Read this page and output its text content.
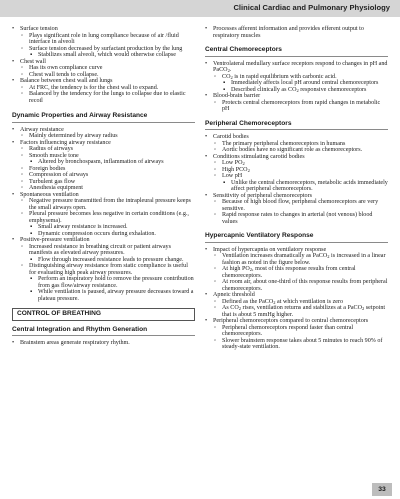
Clinical Cardiac and Pulmonary Physiology
• Surface tension
◦ Plays significant role in lung compliance because of air /fluid interface in alveoli
◦ Surface tension decreased by surfactant production by the lung
▪ Stabilizes small alveoli, which would otherwise collapse
• Chest wall
◦ Has its own compliance curve
◦ Chest wall tends to collapse.
• Balance between chest wall and lungs
◦ At FRC, the tendency is for the chest wall to expand.
◦ Balanced by the tendency for the lungs to collapse due to elastic recoil
Dynamic Properties and Airway Resistance
• Airway resistance
◦ Mainly determined by airway radius
• Factors influencing airway resistance
◦ Radius of airways
◦ Smooth muscle tone
▪ Altered by bronchospasm, inflammation of airways
◦ Foreign bodies
◦ Compression of airways
◦ Turbulent gas flow
◦ Anesthesia equipment
• Spontaneous ventilation
◦ Negative pressure transmitted from the intrapleural pressure keeps the small airways open.
◦ Pleural pressure becomes less negative in certain conditions (e.g., emphysema).
▪ Small airway resistance is increased.
▪ Dynamic compression occurs during exhalation.
• Positive-pressure ventilation
◦ Increased resistance in breathing circuit or patient airways manifests as elevated airway pressures.
▪ Flow through increased resistance leads to pressure change.
◦ Distinguishing airway resistance from static compliance is useful for evaluating high peak airway pressures.
▪ Perform an inspiratory hold to remove the pressure contribution from gas flow/airway resistance.
▪ While ventilation is paused, airway pressure decreases toward a plateau pressure.
CONTROL OF BREATHING
Central Integration and Rhythm Generation
• Brainstem areas generate respiratory rhythm.
• Processes afferent information and provides efferent output to respiratory muscles
Central Chemoreceptors
• Ventrolateral medullary surface receptors respond to changes in pH and PaCO$_2$.
◦ $CO_2$ is in rapid equilibrium with carbonic acid.
▪ Immediately affects local pH around central chemoreceptors
▪ Described clinically as $CO_2$ responsive chemoreceptors
• Blood-brain barrier
◦ Protects central chemoreceptors from rapid changes in metabolic pH
Peripheral Chemoreceptors
• Carotid bodies
◦ The primary peripheral chemoreceptors in humans
◦ Aortic bodies have no significant role as chemoreceptors.
• Conditions stimulating carotid bodies
◦ Low $PO_2$
◦ High $PCO_2$
◦ Low pH
▪ Unlike the central chemoreceptors, metabolic acids immediately affect peripheral chemoreceptors.
• Sensitivity of peripheral chemoreceptors
◦ Because of high blood flow, peripheral chemoreceptors are very sensitive.
◦ Rapid response rates to changes in arterial (not venous) blood values
Hypercapnic Ventilatory Response
• Impact of hypercapnia on ventilatory response
◦ Ventilation increases dramatically as PaCO$_2$ is increased in a linear fashion as noted in the figure below.
◦ At high $PO_2$, most of this response results from central chemoreceptors.
◦ At room air, about one-third of this response results from peripheral chemoreceptors.
• Apneic threshold
◦ Defined as the PaCO$_2$ at which ventilation is zero
◦ As $CO_2$ rises, ventilation returns and stabilizes at a PaCO$_2$ setpoint that is about 5 mmHg higher.
• Peripheral chemoreceptors compared to central chemoreceptors
◦ Peripheral chemoreceptors respond faster than central chemoreceptors.
◦ Slower brainstem response takes about 5 minutes to reach 90% of steady-state ventilation.
33
